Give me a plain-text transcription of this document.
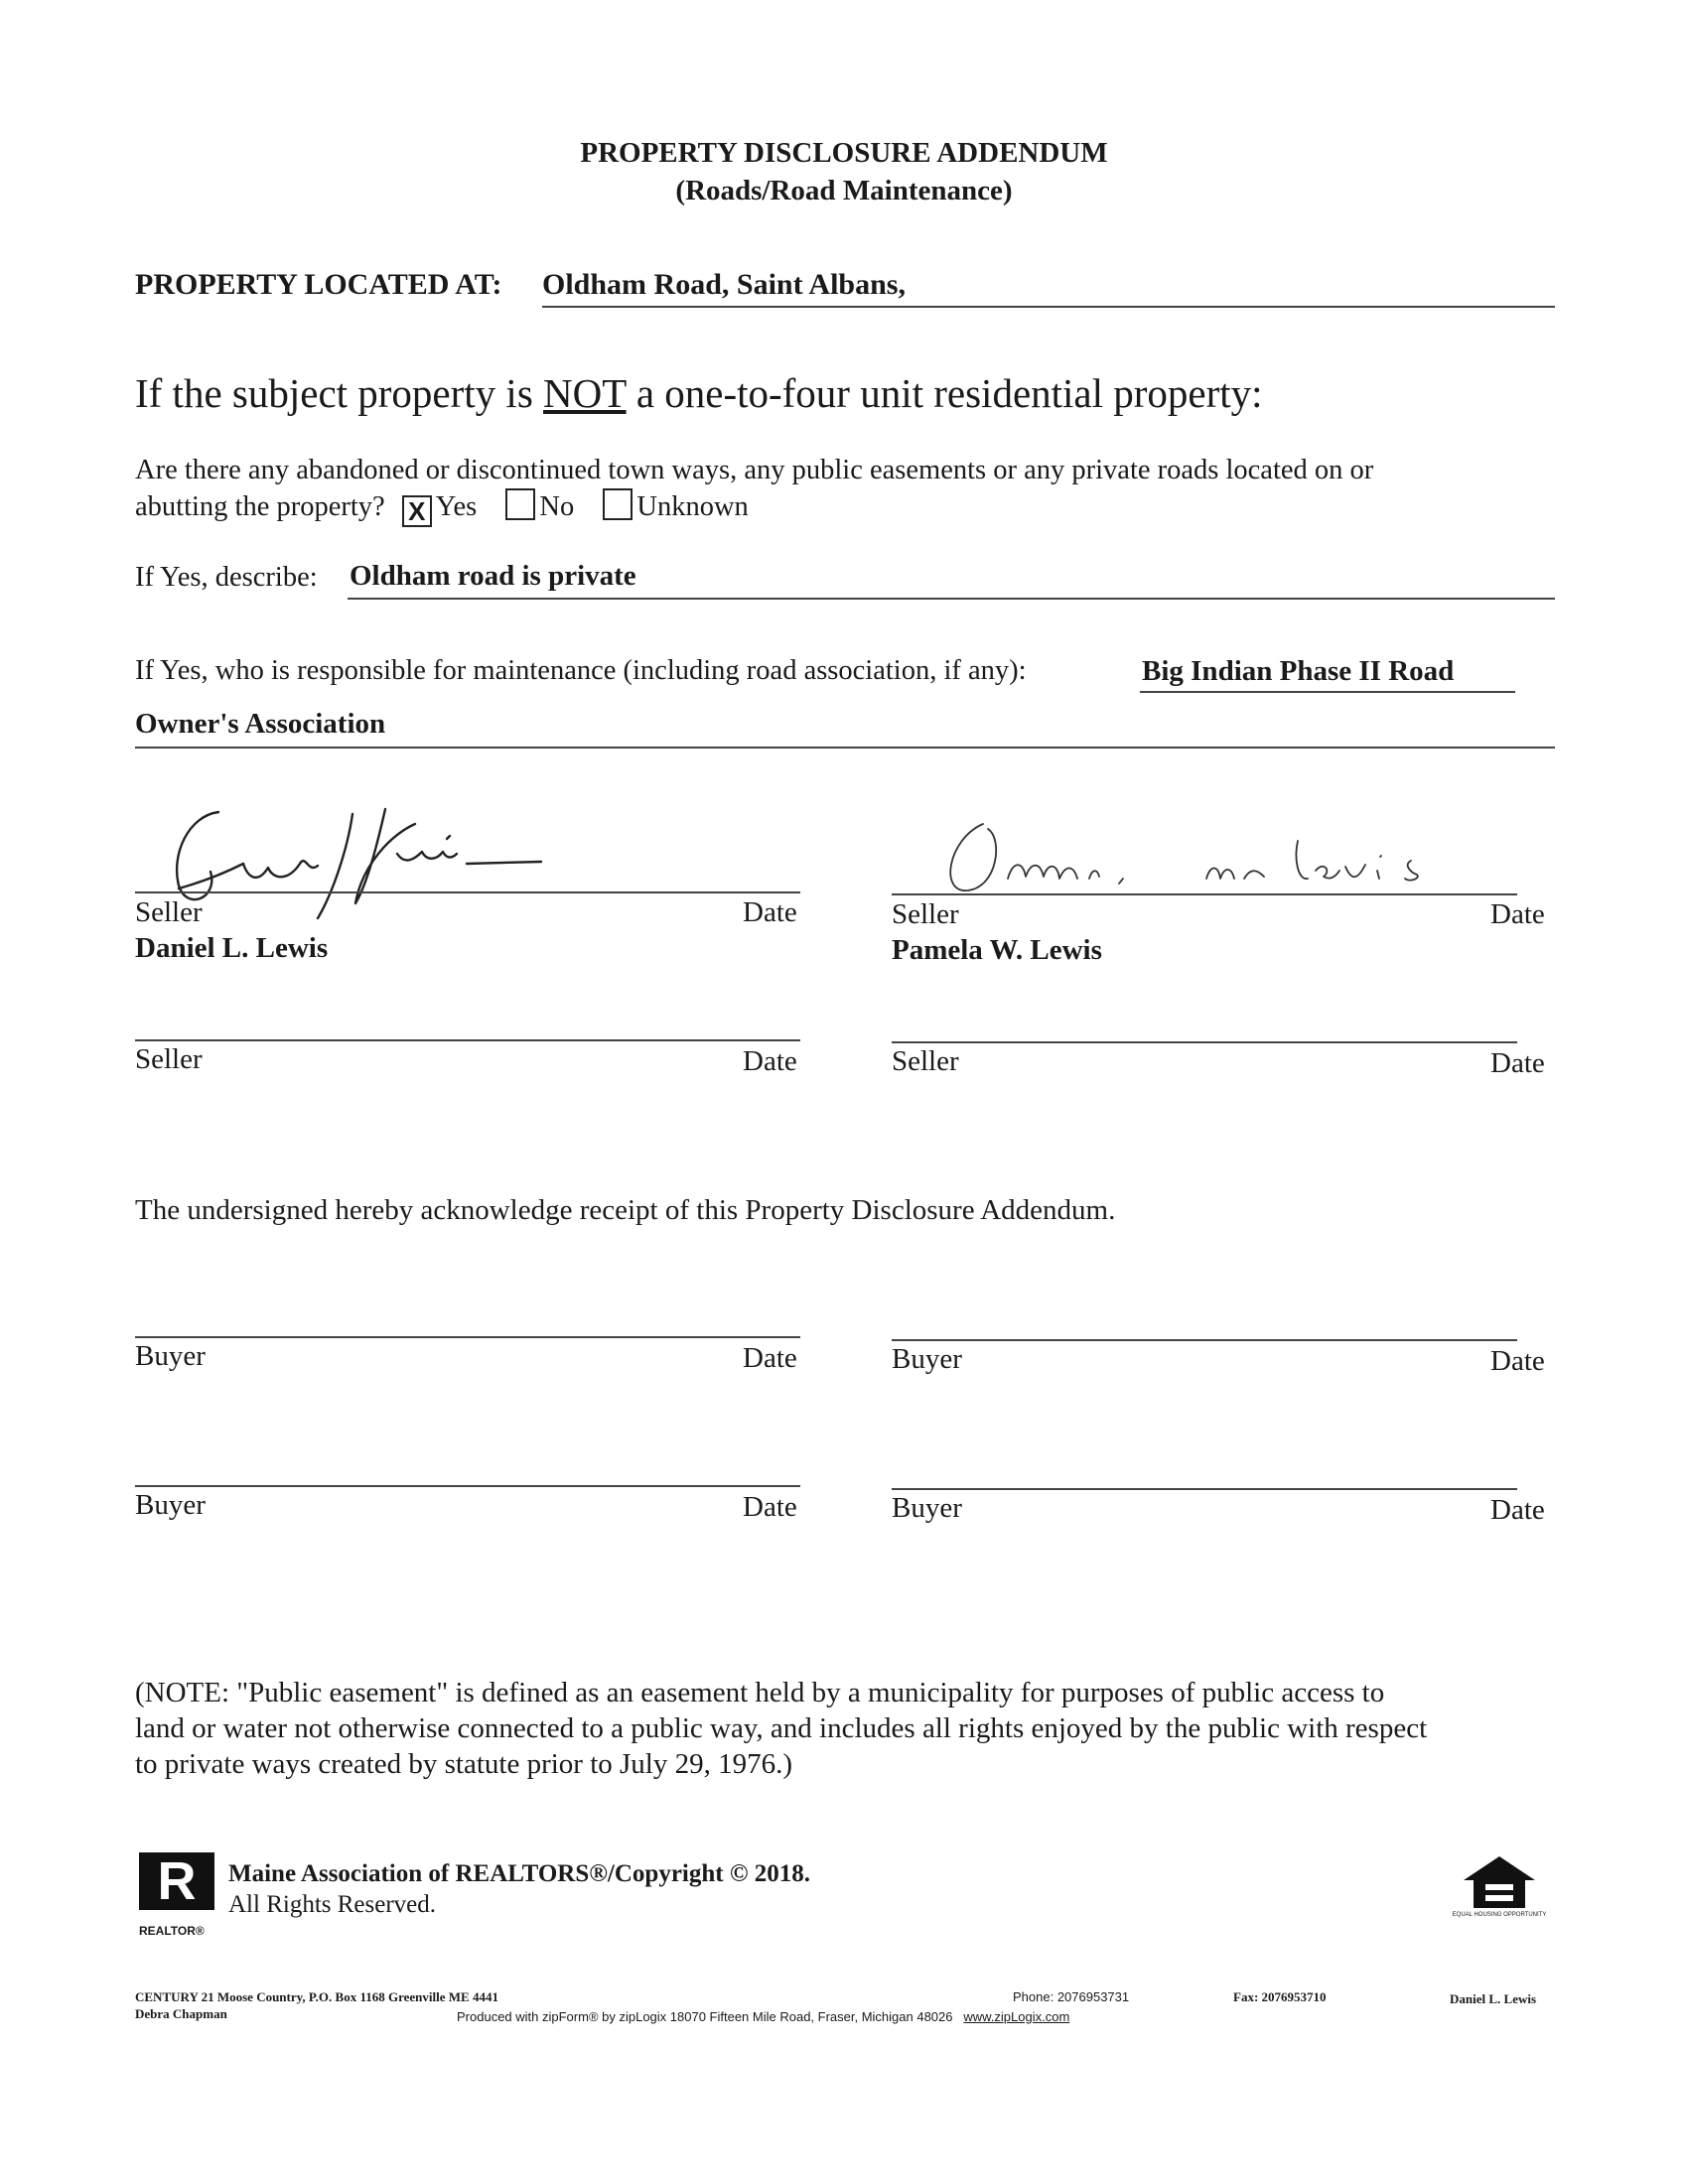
PROPERTY DISCLOSURE ADDENDUM
(Roads/Road Maintenance)
PROPERTY LOCATED AT: Oldham Road, Saint Albans,
If the subject property is NOT a one-to-four unit residential property:
Are there any abandoned or discontinued town ways, any public easements or any private roads located on or
abutting the property? X Yes No Unknown
If Yes, describe: Oldham road is private
If Yes, who is responsible for maintenance (including road association, if any):	Big Indian Phase II Road
Owner's Association
Seller	Date
Daniel L. Lewis
Seller	Date
Pamela W. Lewis
Seller	Date	Seller	Date
The undersigned hereby acknowledge receipt of this Property Disclosure Addendum.
Buyer	Date	Buyer	Date
Buyer	Date	Buyer	Date
(NOTE: "Public easement" is defined as an easement held by a municipality for purposes of public access to
land or water not otherwise connected to a public way, and includes all rights enjoyed by the public with respect
to private ways created by statute prior to July 29, 1976.)
R
REALTOR®
Maine Association of REALTORS®/Copyright © 2018.
All Rights Reserved.	EQUAL HOUSING OPPORTUNITY
CENTURY 21 Moose Country, P.O. Box 1168 Greenville ME 4441
Debra Chapman
Phone: 2076953731	Fax: 2076953710	Daniel L. Lewis
Produced with zipForm® by zipLogix 18070 Fifteen Mile Road, Fraser, Michigan 48026 www.zipLogix.com
